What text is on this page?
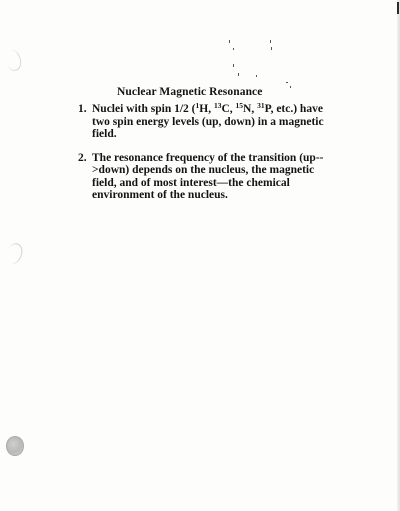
Nuclear Magnetic Resonance
1. Nuclei with spin 1/2 ($^1$H, $^{13}$C, $^{15}$N, $^{31}$P, etc.) have two spin energy levels (up, down) in a magnetic field.
2. The resonance frequency of the transition (up-->down) depends on the nucleus, the magnetic field, and of most interest—the chemical environment of the nucleus.
